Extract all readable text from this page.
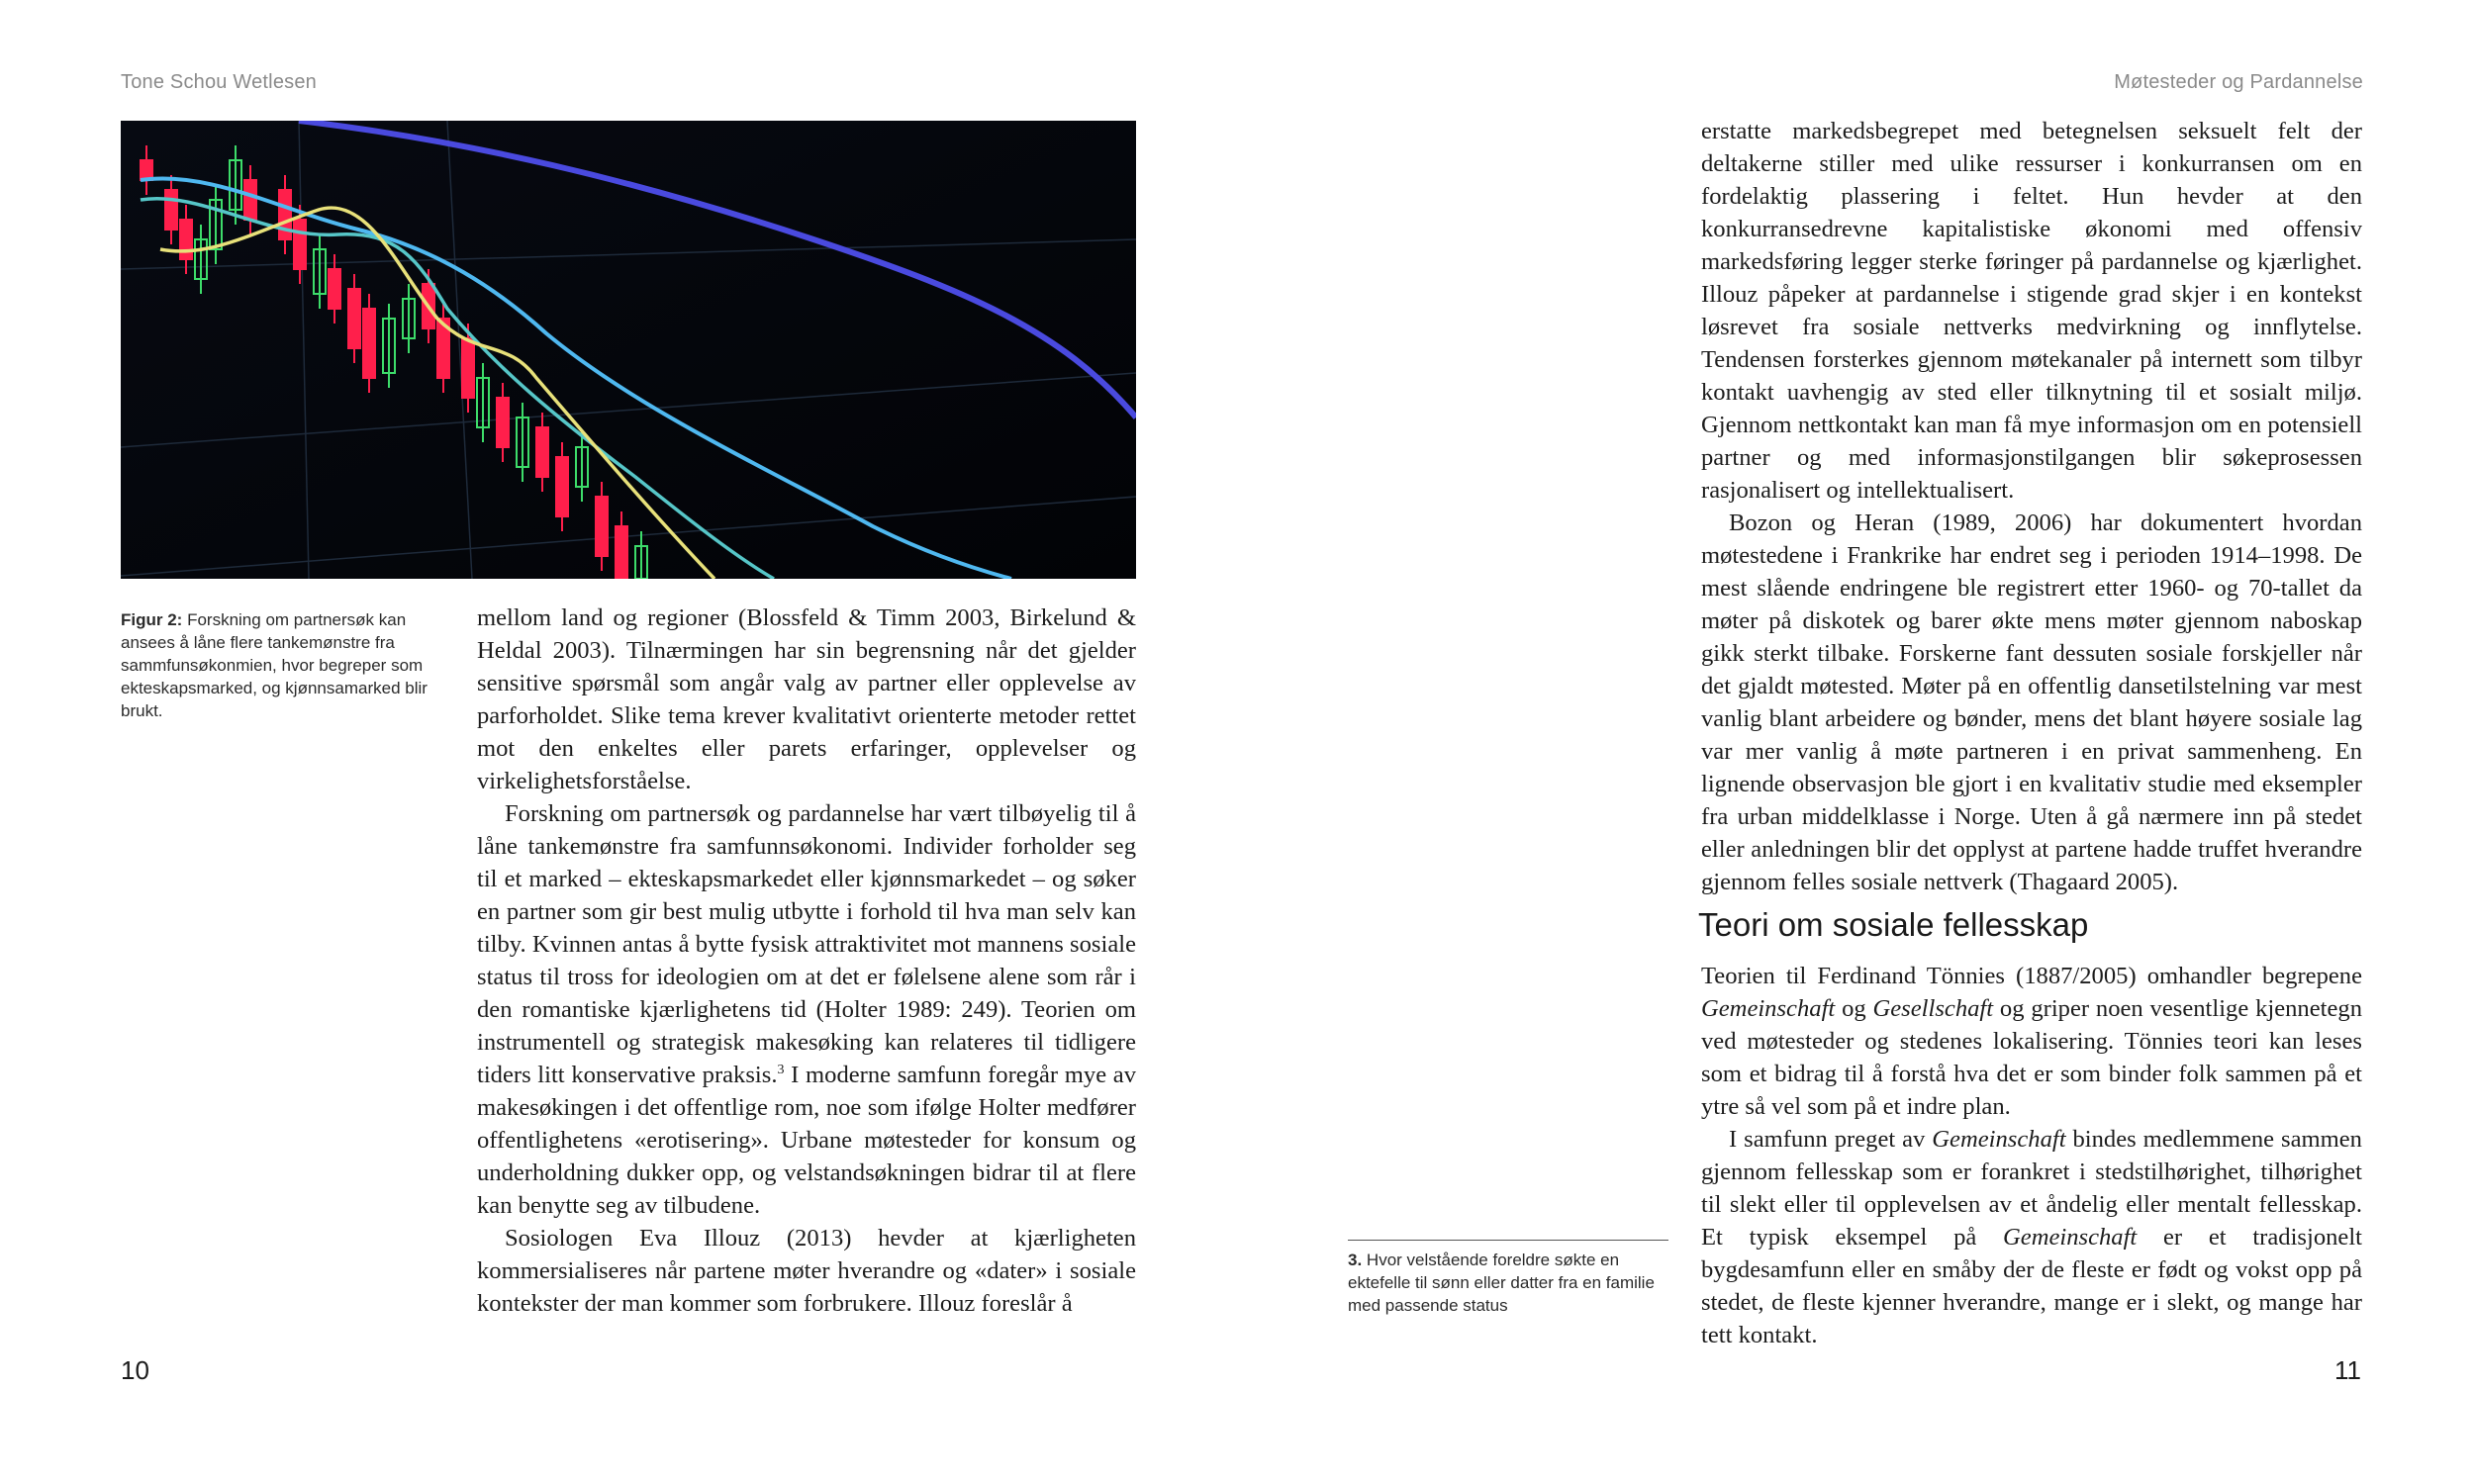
Tone Schou Wetlesen
Figur 2: Forskning om partnersøk kan ansees å låne flere tankemønstre fra sammfunsøkonmien, hvor begreper som ekteskapsmarked, og kjønnsamarked blir brukt.

mellom land og regioner (Blossfeld & Timm 2003, Birkelund & Heldal 2003). Tilnærmingen har sin begrensning når det gjelder sensitive spørsmål som angår valg av partner eller opplevelse av parforholdet. Slike tema krever kvalitativt orienterte metoder rettet mot den enkeltes eller parets erfaringer, opplevelser og virkelighetsforståelse.

Forskning om partnersøk og pardannelse har vært tilbøyelig til å låne tankemønstre fra samfunnsøkonomi. Individer forholder seg til et marked – ekteskapsmarkedet eller kjønnsmarkedet – og søker en partner som gir best mulig utbytte i forhold til hva man selv kan tilby. Kvinnen antas å bytte fysisk attraktivitet mot mannens sosiale status til tross for ideologien om at det er følelsene alene som rår i den romantiske kjærlighetens tid (Holter 1989: 249). Teorien om instrumentell og strategisk makesøking kan relateres til tidligere tiders litt konservative praksis.$^3$ I moderne samfunn foregår mye av makesøkingen i det offentlige rom, noe som ifølge Holter medfører offentlighetens «erotisering». Urbane møtesteder for konsum og underholdning dukker opp, og velstandsøkningen bidrar til at flere kan benytte seg av tilbudene.

Sosiologen Eva Illouz (2013) hevder at kjærligheten kommersialiseres når partene møter hverandre og «dater» i sosiale kontekster der man kommer som forbrukere. Illouz foreslår å

10
Møtesteder og Pardannelse

erstatte markedsbegrepet med betegnelsen seksuelt felt der deltakerne stiller med ulike ressurser i konkurransen om en fordelaktig plassering i feltet. Hun hevder at den konkurransedrevne kapitalistiske økonomi med offensiv markedsføring legger sterke føringer på pardannelse og kjærlighet. Illouz påpeker at pardannelse i stigende grad skjer i en kontekst løsrevet fra sosiale nettverks medvirkning og innflytelse. Tendensen forsterkes gjennom møtekanaler på internett som tilbyr kontakt uavhengig av sted eller tilknytning til et sosialt miljø. Gjennom nettkontakt kan man få mye informasjon om en potensiell partner og med informasjonstilgangen blir søkeprosessen rasjonalisert og intellektualisert.

Bozon og Heran (1989, 2006) har dokumentert hvordan møtestedene i Frankrike har endret seg i perioden 1914–1998. De mest slående endringene ble registrert etter 1960- og 70-tallet da møter på diskotek og barer økte mens møter gjennom naboskap gikk sterkt tilbake. Forskerne fant dessuten sosiale forskjeller når det gjaldt møtested. Møter på en offentlig dansetilstelning var mest vanlig blant arbeidere og bønder, mens det blant høyere sosiale lag var mer vanlig å møte partneren i en privat sammenheng. En lignende observasjon ble gjort i en kvalitativ studie med eksempler fra urban middelklasse i Norge. Uten å gå nærmere inn på stedet eller anledningen blir det opplyst at partene hadde truffet hverandre gjennom felles sosiale nettverk (Thagaard 2005).

Teori om sosiale fellesskap

Teorien til Ferdinand Tönnies (1887/2005) omhandler begrepene Gemeinschaft og Gesellschaft og griper noen vesentlige kjennetegn ved møtesteder og stedenes lokalisering. Tönnies teori kan leses som et bidrag til å forstå hva det er som binder folk sammen på et ytre så vel som på et indre plan.

I samfunn preget av Gemeinschaft bindes medlemmene sammen gjennom fellesskap som er forankret i stedstilhørighet, tilhørighet til slekt eller til opplevelsen av et åndelig eller mentalt fellesskap. Et typisk eksempel på Gemeinschaft er et tradisjonelt bygdesamfunn eller en småby der de fleste er født og vokst opp på stedet, de fleste kjenner hverandre, mange er i slekt, og mange har tett kontakt.

3. Hvor velstående foreldre søkte en ektefelle til sønn eller datter fra en familie med passende status
11
